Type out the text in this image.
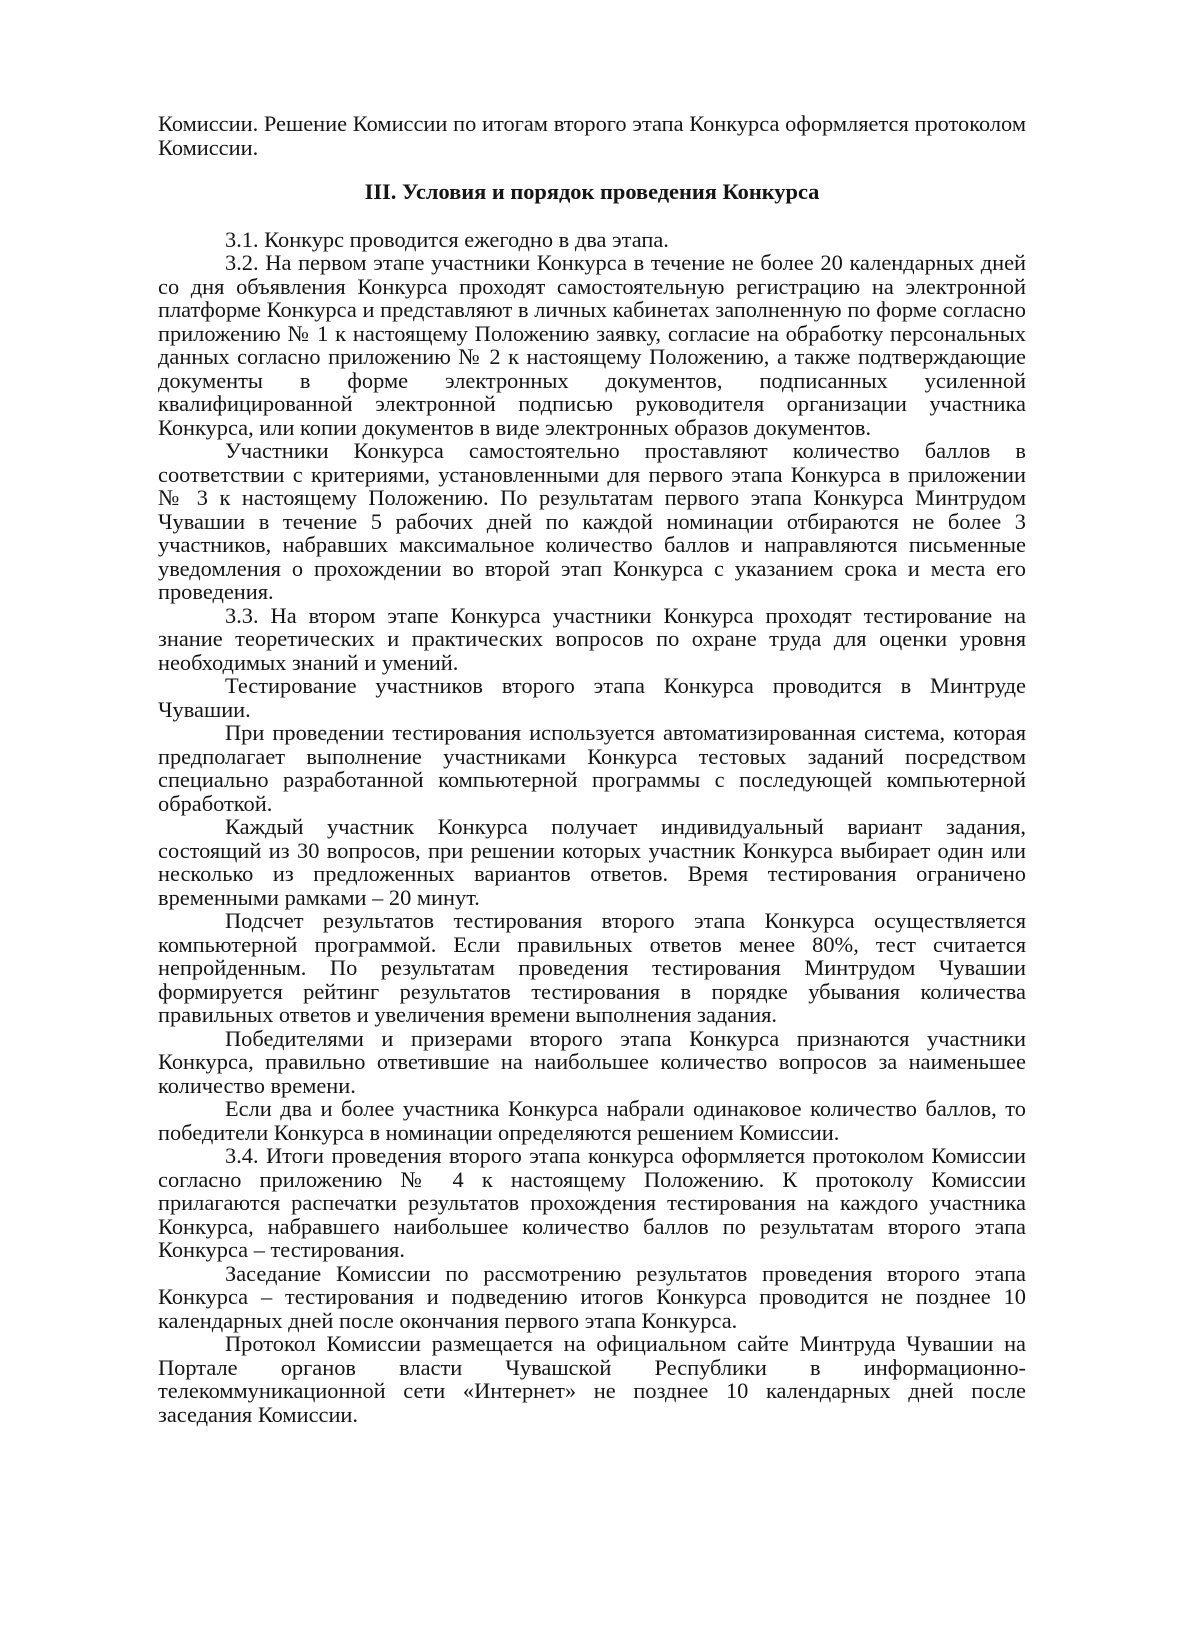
Комиссии. Решение Комиссии по итогам второго этапа Конкурса оформляется протоколом Комиссии.

III. Условия и порядок проведения Конкурса

3.1. Конкурс проводится ежегодно в два этапа.

3.2. На первом этапе участники Конкурса в течение не более 20 календарных дней со дня объявления Конкурса проходят самостоятельную регистрацию на электронной платформе Конкурса и представляют в личных кабинетах заполненную по форме согласно приложению № 1 к настоящему Положению заявку, согласие на обработку персональных данных согласно приложению № 2 к настоящему Положению, а также подтверждающие документы в форме электронных документов, подписанных усиленной квалифицированной электронной подписью руководителя организации участника Конкурса, или копии документов в виде электронных образов документов.

Участники Конкурса самостоятельно проставляют количество баллов в соответствии с критериями, установленными для первого этапа Конкурса в приложении № 3 к настоящему Положению. По результатам первого этапа Конкурса Минтрудом Чувашии в течение 5 рабочих дней по каждой номинации отбираются не более 3 участников, набравших максимальное количество баллов и направляются письменные уведомления о прохождении во второй этап Конкурса с указанием срока и места его проведения.

3.3. На втором этапе Конкурса участники Конкурса проходят тестирование на знание теоретических и практических вопросов по охране труда для оценки уровня необходимых знаний и умений.

Тестирование участников второго этапа Конкурса проводится в Минтруде Чувашии.

При проведении тестирования используется автоматизированная система, которая предполагает выполнение участниками Конкурса тестовых заданий посредством специально разработанной компьютерной программы с последующей компьютерной обработкой.

Каждый участник Конкурса получает индивидуальный вариант задания, состоящий из 30 вопросов, при решении которых участник Конкурса выбирает один или несколько из предложенных вариантов ответов. Время тестирования ограничено временными рамками – 20 минут.

Подсчет результатов тестирования второго этапа Конкурса осуществляется компьютерной программой. Если правильных ответов менее 80%, тест считается непройденным. По результатам проведения тестирования Минтрудом Чувашии формируется рейтинг результатов тестирования в порядке убывания количества правильных ответов и увеличения времени выполнения задания.

Победителями и призерами второго этапа Конкурса признаются участники Конкурса, правильно ответившие на наибольшее количество вопросов за наименьшее количество времени.

Если два и более участника Конкурса набрали одинаковое количество баллов, то победители Конкурса в номинации определяются решением Комиссии.

3.4. Итоги проведения второго этапа конкурса оформляется протоколом Комиссии согласно приложению № 4 к настоящему Положению. К протоколу Комиссии прилагаются распечатки результатов прохождения тестирования на каждого участника Конкурса, набравшего наибольшее количество баллов по результатам второго этапа Конкурса – тестирования.

Заседание Комиссии по рассмотрению результатов проведения второго этапа Конкурса – тестирования и подведению итогов Конкурса проводится не позднее 10 календарных дней после окончания первого этапа Конкурса.

Протокол Комиссии размещается на официальном сайте Минтруда Чувашии на Портале органов власти Чувашской Республики в информационно-телекоммуникационной сети «Интернет» не позднее 10 календарных дней после заседания Комиссии.
